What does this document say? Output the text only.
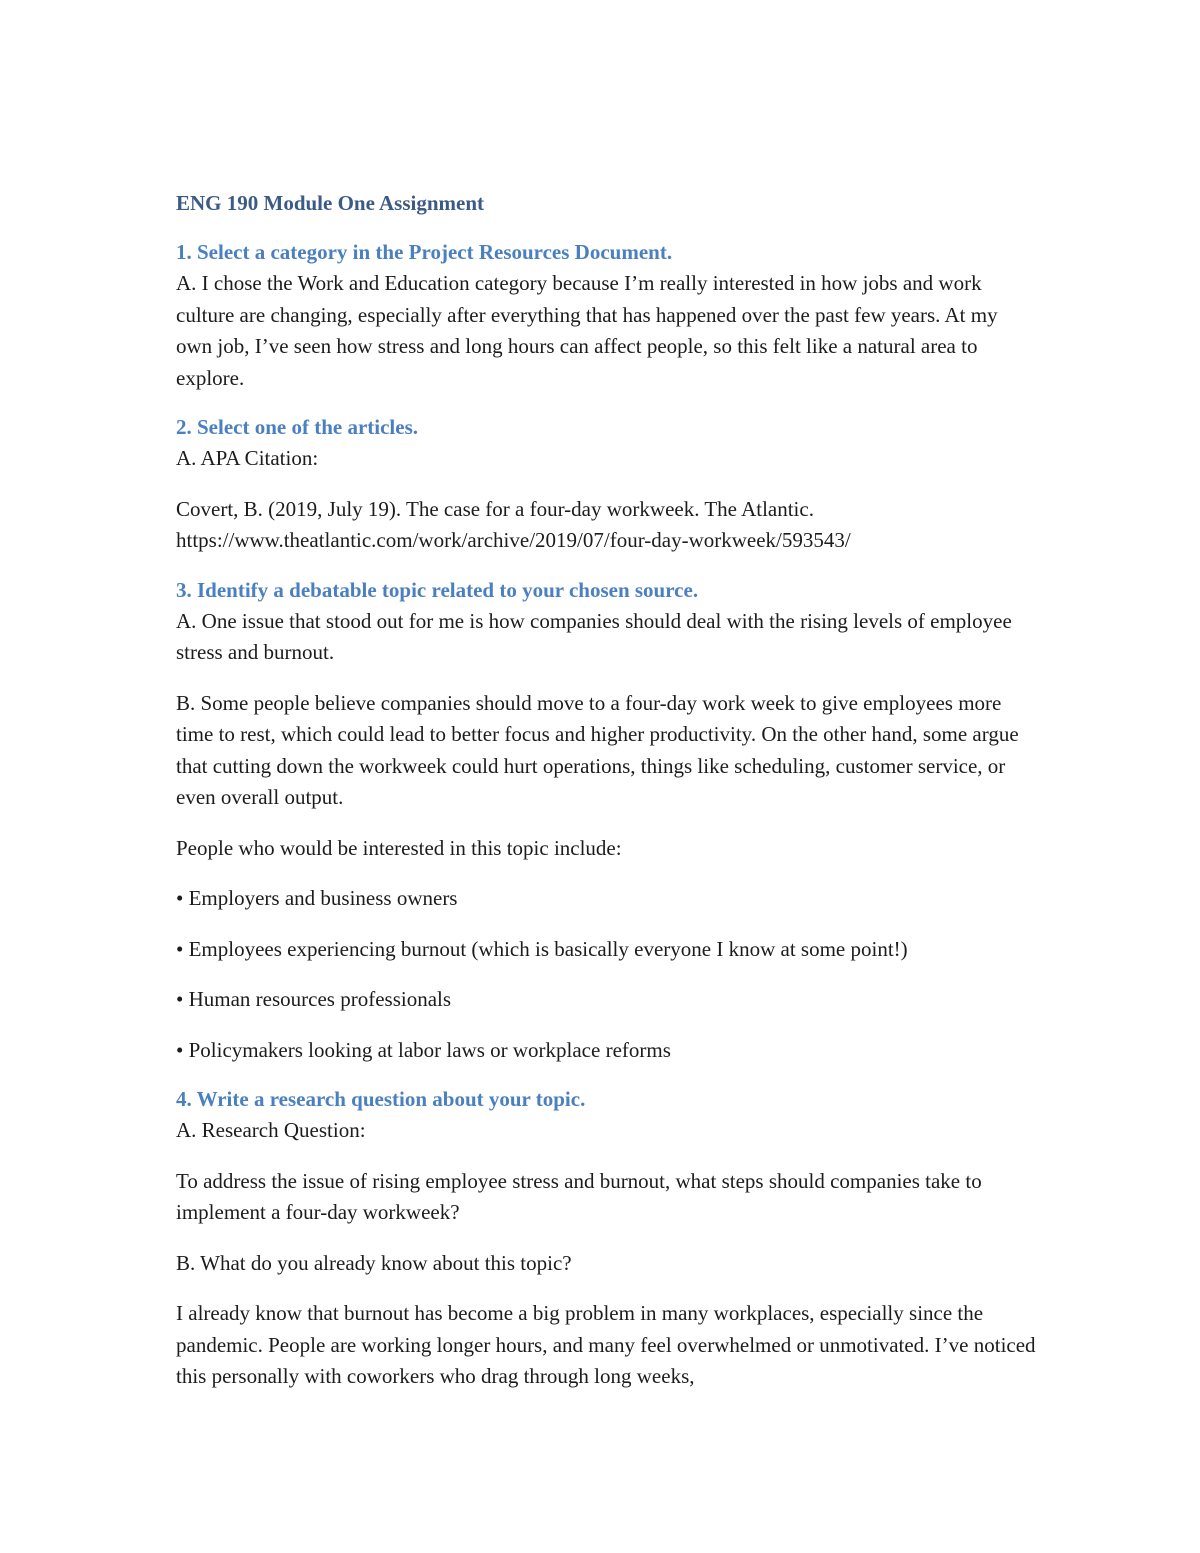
ENG 190 Module One Assignment

1. Select a category in the Project Resources Document.

A. I chose the Work and Education category because I’m really interested in how jobs and work culture are changing, especially after everything that has happened over the past few years. At my own job, I’ve seen how stress and long hours can affect people, so this felt like a natural area to explore.

2. Select one of the articles.

A. APA Citation:

Covert, B. (2019, July 19). The case for a four-day workweek. The Atlantic. https://www.theatlantic.com/work/archive/2019/07/four-day-workweek/593543/

3. Identify a debatable topic related to your chosen source.

A. One issue that stood out for me is how companies should deal with the rising levels of employee stress and burnout.

B. Some people believe companies should move to a four-day work week to give employees more time to rest, which could lead to better focus and higher productivity. On the other hand, some argue that cutting down the workweek could hurt operations, things like scheduling, customer service, or even overall output.

People who would be interested in this topic include:

• Employers and business owners

• Employees experiencing burnout (which is basically everyone I know at some point!)

• Human resources professionals

• Policymakers looking at labor laws or workplace reforms

4. Write a research question about your topic.

A. Research Question:

To address the issue of rising employee stress and burnout, what steps should companies take to implement a four-day workweek?

B. What do you already know about this topic?

I already know that burnout has become a big problem in many workplaces, especially since the pandemic. People are working longer hours, and many feel overwhelmed or unmotivated. I’ve noticed this personally with coworkers who drag through long weeks,
